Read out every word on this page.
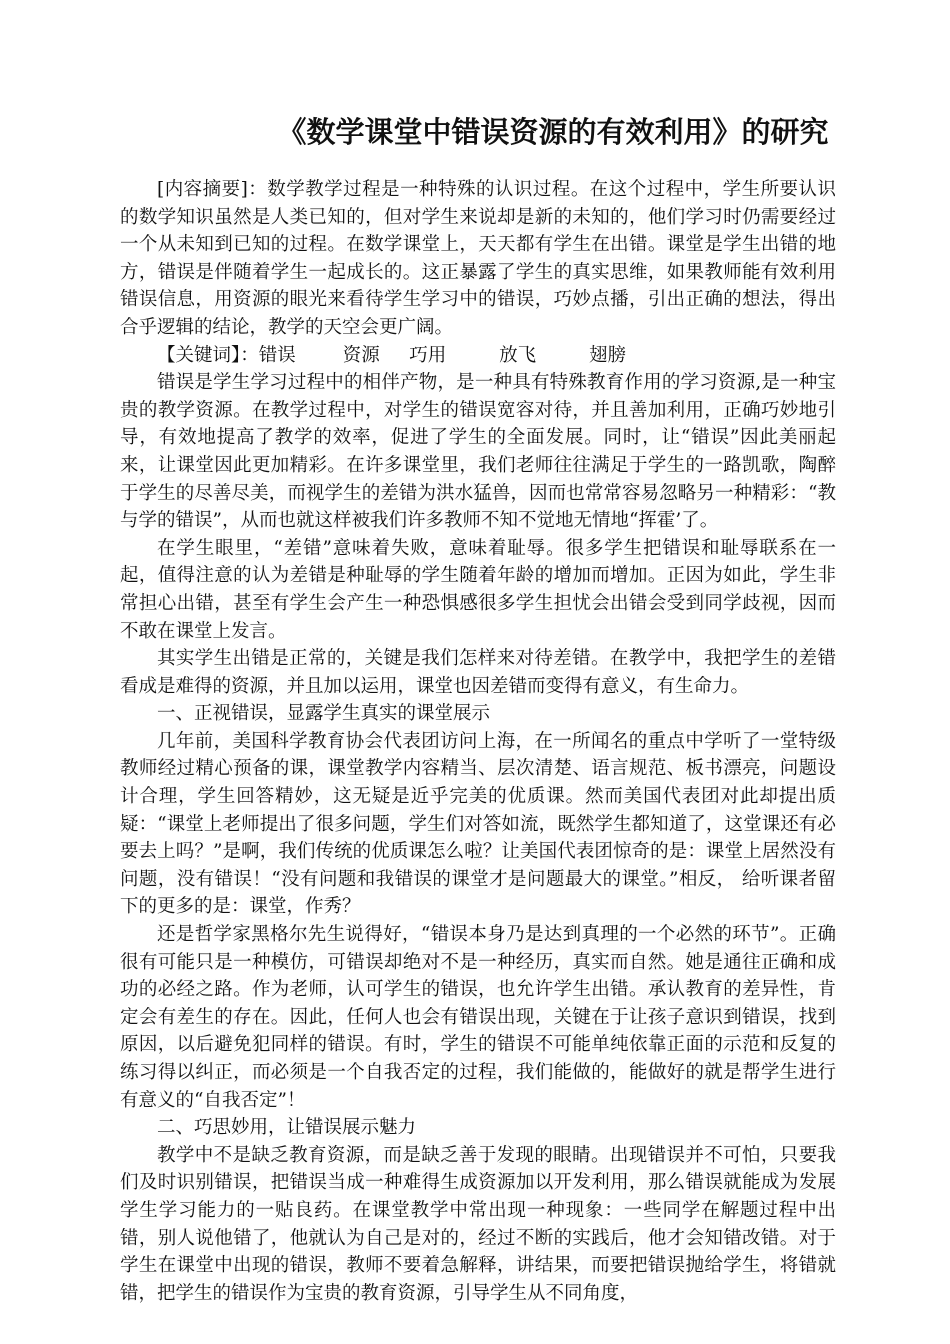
《数学课堂中错误资源的有效利用》的研究

[内容摘要]：数学教学过程是一种特殊的认识过程。在这个过程中，学生所要认识的数学知识虽然是人类已知的，但对学生来说却是新的未知的，他们学习时仍需要经过一个从未知到已知的过程。在数学课堂上，天天都有学生在出错。课堂是学生出错的地方，错误是伴随着学生一起成长的。这正暴露了学生的真实思维，如果教师能有效利用错误信息，用资源的眼光来看待学生学习中的错误，巧妙点播，引出正确的想法，得出合乎逻辑的结论，教学的天空会更广阔。

【关键词】：错误        资源     巧用         放飞         翅膀

错误是学生学习过程中的相伴产物，是一种具有特殊教育作用的学习资源,是一种宝贵的教学资源。在教学过程中，对学生的错误宽容对待，并且善加利用，正确巧妙地引导，有效地提高了教学的效率，促进了学生的全面发展。同时，让“错误”因此美丽起来，让课堂因此更加精彩。在许多课堂里，我们老师往往满足于学生的一路凯歌，陶醉于学生的尽善尽美，而视学生的差错为洪水猛兽，因而也常常容易忽略另一种精彩：“教与学的错误”，从而也就这样被我们许多教师不知不觉地无情地“挥霍’了。

在学生眼里，“差错”意味着失败，意味着耻辱。很多学生把错误和耻辱联系在一起，值得注意的认为差错是种耻辱的学生随着年龄的增加而增加。正因为如此，学生非常担心出错，甚至有学生会产生一种恐惧感很多学生担忧会出错会受到同学歧视，因而不敢在课堂上发言。

其实学生出错是正常的，关键是我们怎样来对待差错。在教学中，我把学生的差错看成是难得的资源，并且加以运用，课堂也因差错而变得有意义，有生命力。

一、正视错误，显露学生真实的课堂展示

几年前，美国科学教育协会代表团访问上海，在一所闻名的重点中学听了一堂特级教师经过精心预备的课，课堂教学内容精当、层次清楚、语言规范、板书漂亮，问题设计合理，学生回答精妙，这无疑是近乎完美的优质课。然而美国代表团对此却提出质疑：“课堂上老师提出了很多问题，学生们对答如流，既然学生都知道了，这堂课还有必要去上吗？”是啊，我们传统的优质课怎么啦？让美国代表团惊奇的是：课堂上居然没有问题，没有错误！“没有问题和我错误的课堂才是问题最大的课堂。”相反， 给听课者留下的更多的是：课堂，作秀？

还是哲学家黑格尔先生说得好，“错误本身乃是达到真理的一个必然的环节”。正确很有可能只是一种模仿，可错误却绝对不是一种经历，真实而自然。她是通往正确和成功的必经之路。作为老师，认可学生的错误，也允许学生出错。承认教育的差异性，肯定会有差生的存在。因此，任何人也会有错误出现，关键在于让孩子意识到错误，找到原因，以后避免犯同样的错误。有时，学生的错误不可能单纯依靠正面的示范和反复的练习得以纠正，而必须是一个自我否定的过程，我们能做的，能做好的就是帮学生进行有意义的“自我否定”！

二、巧思妙用，让错误展示魅力

教学中不是缺乏教育资源，而是缺乏善于发现的眼睛。出现错误并不可怕，只要我们及时识别错误，把错误当成一种难得生成资源加以开发利用，那么错误就能成为发展学生学习能力的一贴良药。在课堂教学中常出现一种现象：一些同学在解题过程中出错，别人说他错了，他就认为自己是对的，经过不断的实践后，他才会知错改错。对于学生在课堂中出现的错误，教师不要着急解释，讲结果，而要把错误抛给学生，将错就错，把学生的错误作为宝贵的教育资源，引导学生从不同角度，
